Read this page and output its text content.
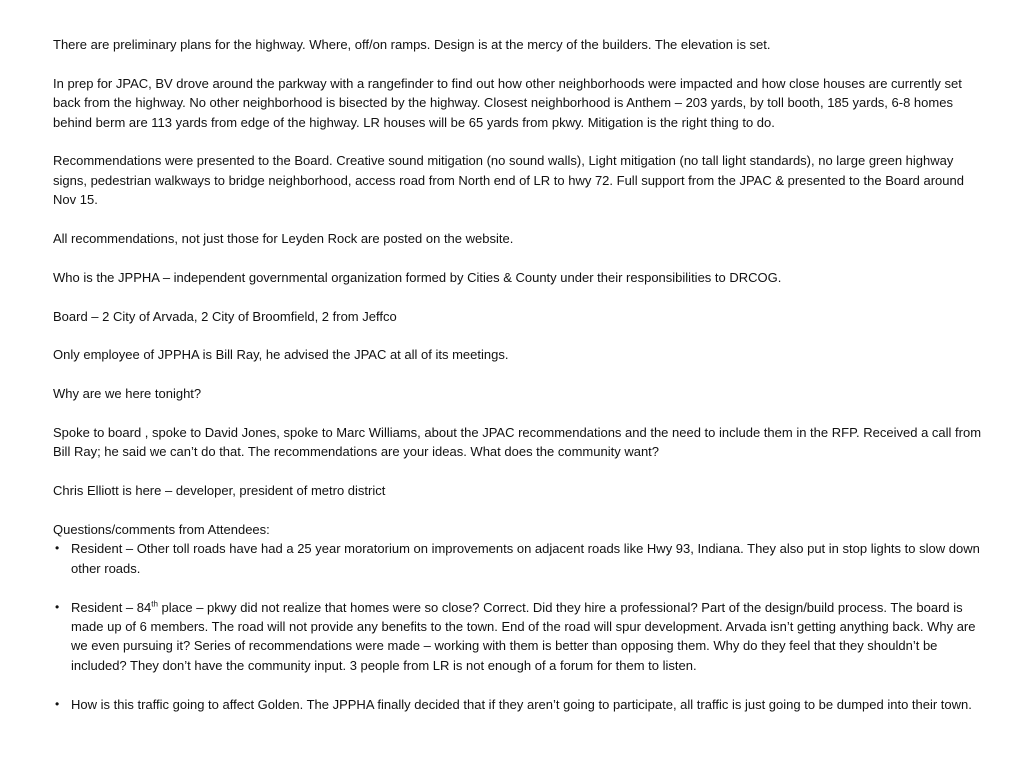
There are preliminary plans for the highway. Where, off/on ramps. Design is at the mercy of the builders. The elevation is set.

In prep for JPAC, BV drove around the parkway with a rangefinder to find out how other neighborhoods were impacted and how close houses are currently set back from the highway. No other neighborhood is bisected by the highway. Closest neighborhood is Anthem – 203 yards, by toll booth, 185 yards, 6-8 homes behind berm are 113 yards from edge of the highway. LR houses will be 65 yards from pkwy. Mitigation is the right thing to do.

Recommendations were presented to the Board. Creative sound mitigation (no sound walls), Light mitigation (no tall light standards), no large green highway signs, pedestrian walkways to bridge neighborhood, access road from North end of LR to hwy 72. Full support from the JPAC & presented to the Board around Nov 15.

All recommendations, not just those for Leyden Rock are posted on the website.

Who is the JPPHA – independent governmental organization formed by Cities & County under their responsibilities to DRCOG.

Board – 2 City of Arvada, 2 City of Broomfield, 2 from Jeffco

Only employee of JPPHA is Bill Ray, he advised the JPAC at all of its meetings.

Why are we here tonight?

Spoke to board , spoke to David Jones, spoke to Marc Williams, about the JPAC recommendations and the need to include them in the RFP. Received a call from Bill Ray; he said we can’t do that. The recommendations are your ideas. What does the community want?

Chris Elliott is here – developer, president of metro district

Questions/comments from Attendees:

• Resident – Other toll roads have had a 25 year moratorium on improvements on adjacent roads like Hwy 93, Indiana. They also put in stop lights to slow down other roads.
• Resident – 84th place – pkwy did not realize that homes were so close? Correct. Did they hire a professional? Part of the design/build process. The board is made up of 6 members. The road will not provide any benefits to the town. End of the road will spur development. Arvada isn’t getting anything back. Why are we even pursuing it? Series of recommendations were made – working with them is better than opposing them. Why do they feel that they shouldn’t be included? They don’t have the community input. 3 people from LR is not enough of a forum for them to listen.
• How is this traffic going to affect Golden. The JPPHA finally decided that if they aren’t going to participate, all traffic is just going to be dumped into their town.
